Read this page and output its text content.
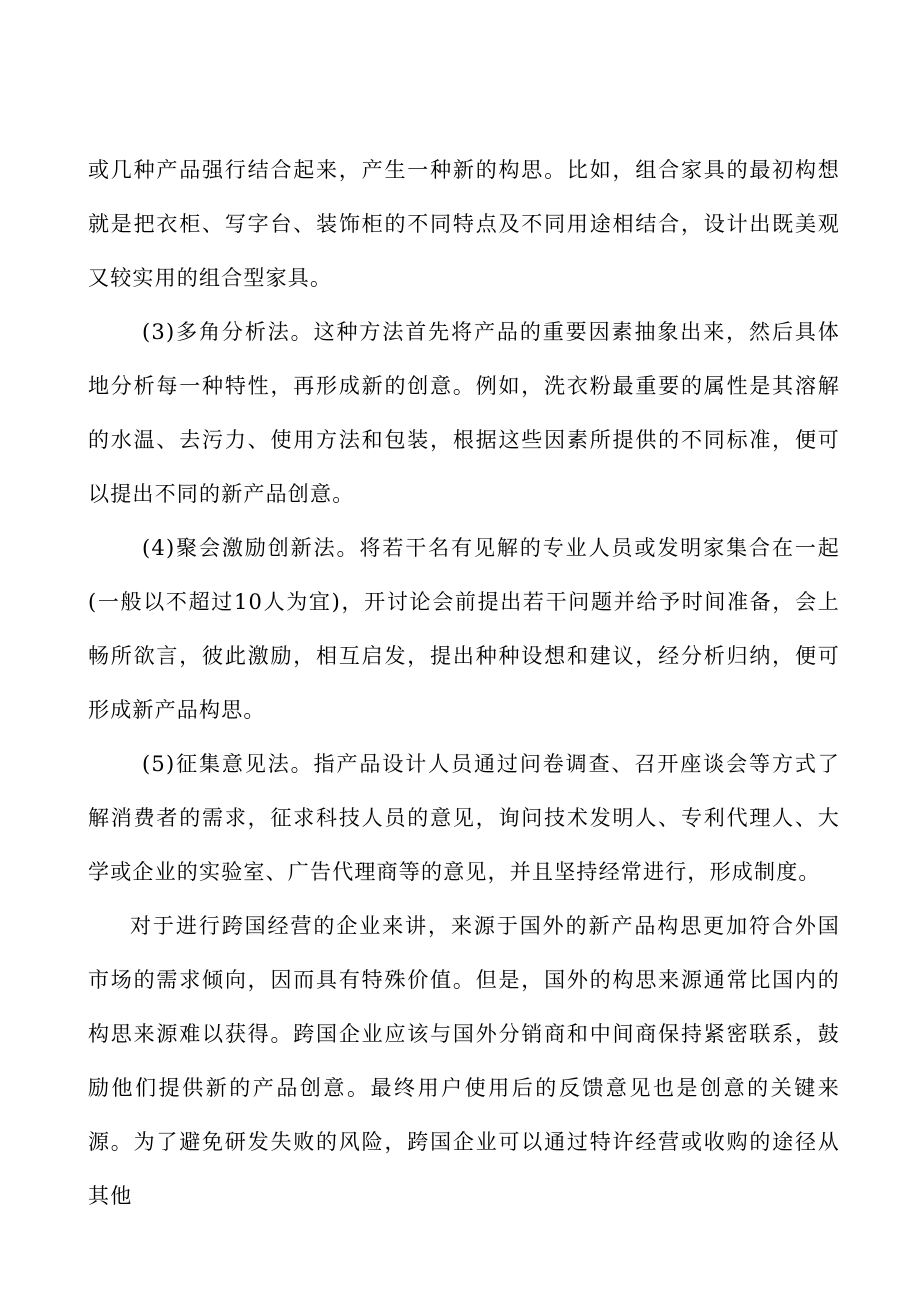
或几种产品强行结合起来，产生一种新的构思。比如，组合家具的最初构想就是把衣柜、写字台、装饰柜的不同特点及不同用途相结合，设计出既美观又较实用的组合型家具。

(3)多角分析法。这种方法首先将产品的重要因素抽象出来，然后具体地分析每一种特性，再形成新的创意。例如，洗衣粉最重要的属性是其溶解的水温、去污力、使用方法和包装，根据这些因素所提供的不同标准，便可以提出不同的新产品创意。

(4)聚会激励创新法。将若干名有见解的专业人员或发明家集合在一起(一般以不超过10人为宜)，开讨论会前提出若干问题并给予时间准备，会上畅所欲言，彼此激励，相互启发，提出种种设想和建议，经分析归纳，便可形成新产品构思。

(5)征集意见法。指产品设计人员通过问卷调查、召开座谈会等方式了解消费者的需求，征求科技人员的意见，询问技术发明人、专利代理人、大学或企业的实验室、广告代理商等的意见，并且坚持经常进行，形成制度。

对于进行跨国经营的企业来讲，来源于国外的新产品构思更加符合外国市场的需求倾向，因而具有特殊价值。但是，国外的构思来源通常比国内的构思来源难以获得。跨国企业应该与国外分销商和中间商保持紧密联系，鼓励他们提供新的产品创意。最终用户使用后的反馈意见也是创意的关键来源。为了避免研发失败的风险，跨国企业可以通过特许经营或收购的途径从其他
